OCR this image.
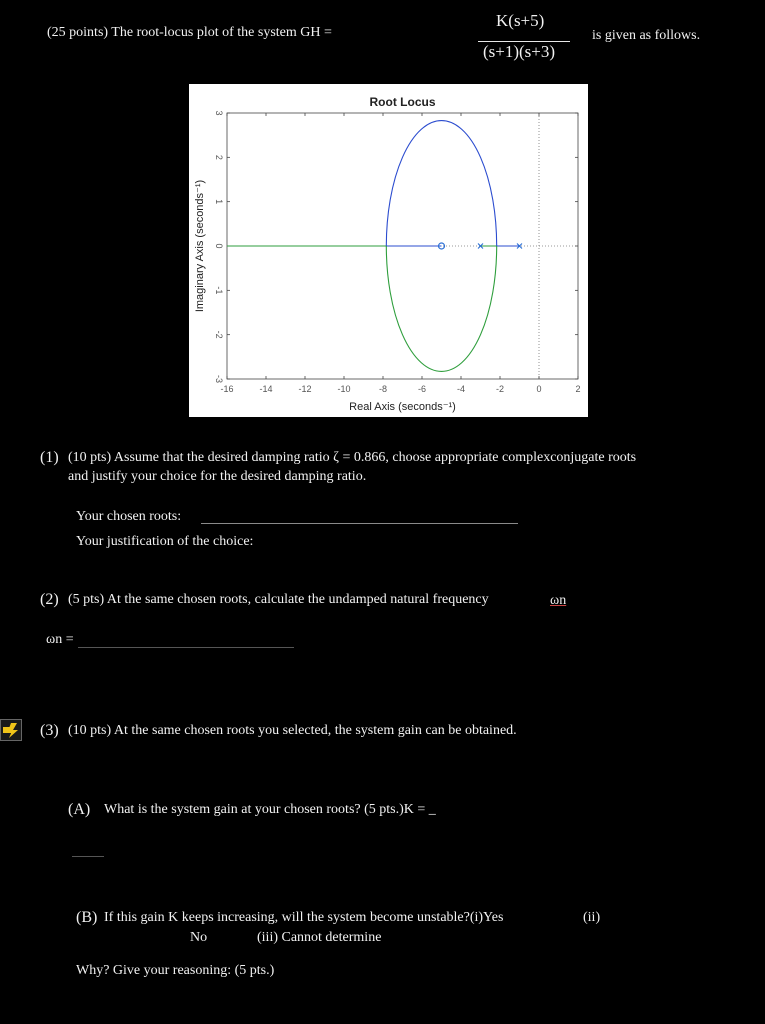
(25 points) The root-locus plot of the system GH =
K(s+5)
(s+1)(s+3)
is given as follows.
-16	-14	-12	-10	-8	-6	-4	-2	0	2
-3
-2
-1
0
1
2
3
Root Locus
Real Axis (seconds⁻¹)
Imaginary Axis (seconds⁻¹)
(1) (10 pts) Assume that the desired damping ratio ζ = 0.866, choose appropriate complexconjugate roots
and justify your choice for the desired damping ratio.
Your chosen roots:
Your justification of the choice:
(2) (5 pts) At the same chosen roots, calculate the undamped natural frequency	ωn
ωn =
(3) (10 pts) At the same chosen roots you selected, the system gain can be obtained.
(A) What is the system gain at your chosen roots? (5 pts.)K = _
(B) If this gain K keeps increasing, will the system become unstable?(i)Yes	(ii)
No	(iii) Cannot determine
Why? Give your reasoning: (5 pts.)
